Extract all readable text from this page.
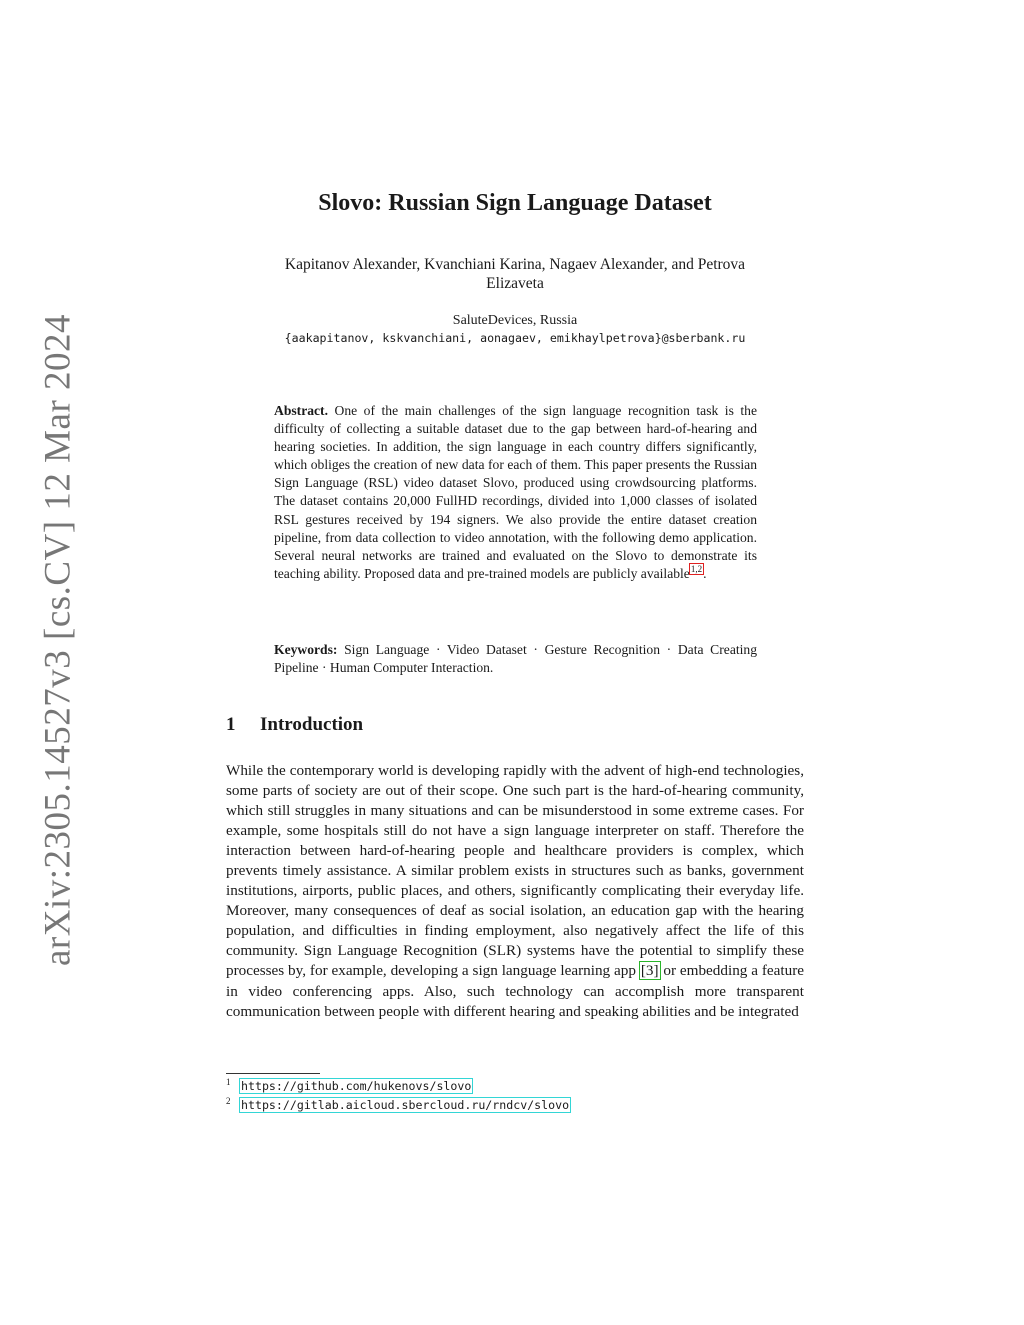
arXiv:2305.14527v3 [cs.CV] 12 Mar 2024
Slovo: Russian Sign Language Dataset
Kapitanov Alexander, Kvanchiani Karina, Nagaev Alexander, and Petrova
Elizaveta
SaluteDevices, Russia
{aakapitanov, kskvanchiani, aonagaev, emikhaylpetrova}@sberbank.ru

Abstract. One of the main challenges of the sign language recognition task is the difficulty of collecting a suitable dataset due to the gap between hard-of-hearing and hearing societies. In addition, the sign language in each country differs significantly, which obliges the creation of new data for each of them. This paper presents the Russian Sign Language (RSL) video dataset Slovo, produced using crowdsourcing platforms. The dataset contains 20,000 FullHD recordings, divided into 1,000 classes of isolated RSL gestures received by 194 signers. We also provide the entire dataset creation pipeline, from data collection to video annotation, with the following demo application. Several neural networks are trained and evaluated on the Slovo to demonstrate its teaching ability. Proposed data and pre-trained models are publicly available$^{1,2}$.

Keywords: Sign Language · Video Dataset · Gesture Recognition · Data Creating Pipeline · Human Computer Interaction.

1 Introduction

While the contemporary world is developing rapidly with the advent of high-end technologies, some parts of society are out of their scope. One such part is the hard-of-hearing community, which still struggles in many situations and can be misunderstood in some extreme cases. For example, some hospitals still do not have a sign language interpreter on staff. Therefore the interaction between hard-of-hearing people and healthcare providers is complex, which prevents timely assistance. A similar problem exists in structures such as banks, government institutions, airports, public places, and others, significantly complicating their everyday life. Moreover, many consequences of deaf as social isolation, an education gap with the hearing population, and difficulties in finding employment, also negatively affect the life of this community. Sign Language Recognition (SLR) systems have the potential to simplify these processes by, for example, developing a sign language learning app [3] or embedding a feature in video conferencing apps. Also, such technology can accomplish more transparent communication between people with different hearing and speaking abilities and be integrated

1 https://github.com/hukenovs/slovo
2 https://gitlab.aicloud.sbercloud.ru/rndcv/slovo
